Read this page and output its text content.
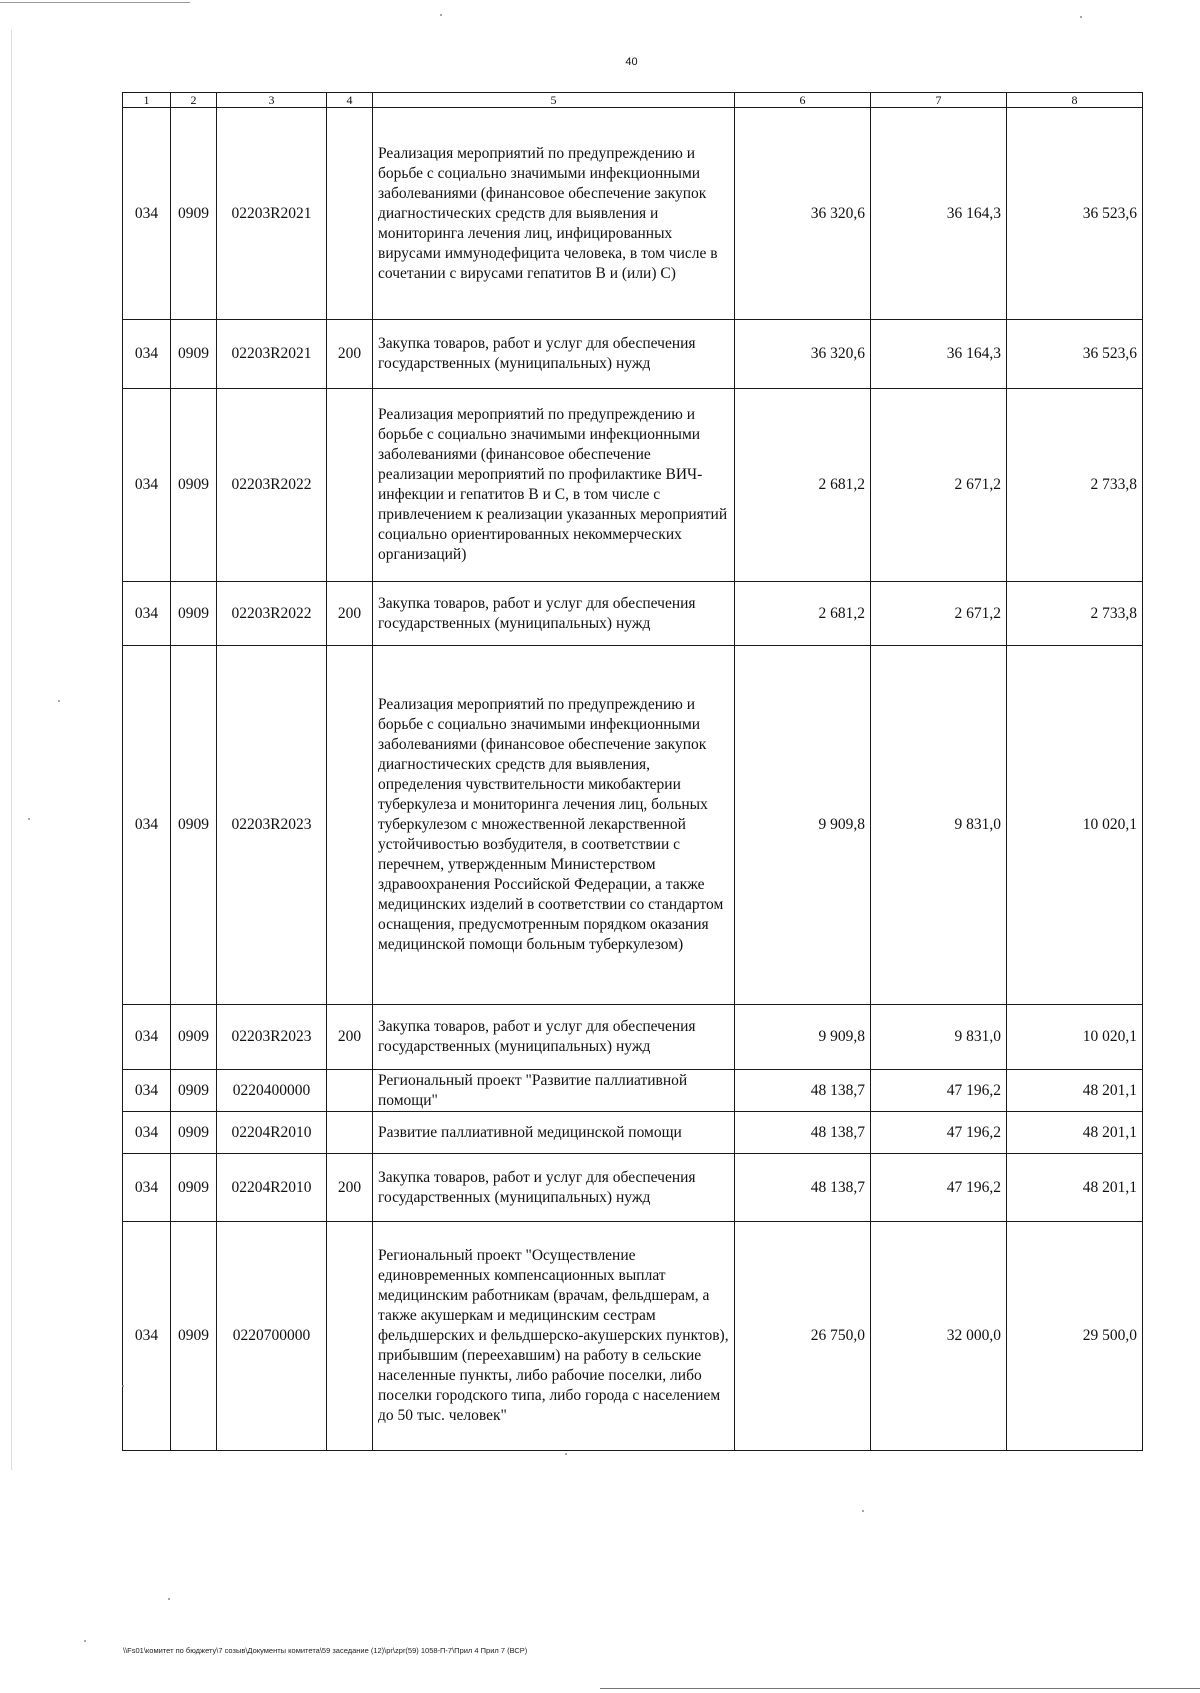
40
1	2	3	4	5	6	7	8
034	0909	02203R2021		Реализация мероприятий по предупреждению и борьбе с социально значимыми инфекционными заболеваниями (финансовое обеспечение закупок диагностических средств для выявления и мониторинга лечения лиц, инфицированных вирусами иммунодефицита человека, в том числе в сочетании с вирусами гепатитов В и (или) С)	36 320,6	36 164,3	36 523,6
034	0909	02203R2021	200	Закупка товаров, работ и услуг для обеспечения государственных (муниципальных) нужд	36 320,6	36 164,3	36 523,6
034	0909	02203R2022		Реализация мероприятий по предупреждению и борьбе с социально значимыми инфекционными заболеваниями (финансовое обеспечение реализации мероприятий по профилактике ВИЧ-инфекции и гепатитов В и С, в том числе с привлечением к реализации указанных мероприятий социально ориентированных некоммерческих организаций)	2 681,2	2 671,2	2 733,8
034	0909	02203R2022	200	Закупка товаров, работ и услуг для обеспечения государственных (муниципальных) нужд	2 681,2	2 671,2	2 733,8
034	0909	02203R2023		Реализация мероприятий по предупреждению и борьбе с социально значимыми инфекционными заболеваниями (финансовое обеспечение закупок диагностических средств для выявления, определения чувствительности микобактерии туберкулеза и мониторинга лечения лиц, больных туберкулезом с множественной лекарственной устойчивостью возбудителя, в соответствии с перечнем, утвержденным Министерством здравоохранения Российской Федерации, а также медицинских изделий в соответствии со стандартом оснащения, предусмотренным порядком оказания медицинской помощи больным туберкулезом)	9 909,8	9 831,0	10 020,1
034	0909	02203R2023	200	Закупка товаров, работ и услуг для обеспечения государственных (муниципальных) нужд	9 909,8	9 831,0	10 020,1
034	0909	0220400000		Региональный проект "Развитие паллиативной помощи"	48 138,7	47 196,2	48 201,1
034	0909	02204R2010		Развитие паллиативной медицинской помощи	48 138,7	47 196,2	48 201,1
034	0909	02204R2010	200	Закупка товаров, работ и услуг для обеспечения государственных (муниципальных) нужд	48 138,7	47 196,2	48 201,1
034	0909	0220700000		Региональный проект "Осуществление единовременных компенсационных выплат медицинским работникам (врачам, фельдшерам, а также акушеркам и медицинским сестрам фельдшерских и фельдшерско-акушерских пунктов), прибывшим (переехавшим) на работу в сельские населенные пункты, либо рабочие поселки, либо поселки городского типа, либо города с населением до 50 тыс. человек"	26 750,0	32 000,0	29 500,0
\\Fs01\комитет по бюджету\7 созыв\Документы комитета\59 заседание (12)\pr\zpr(59) 1058-П-7\Прил 4 Прил 7 (ВСР)
